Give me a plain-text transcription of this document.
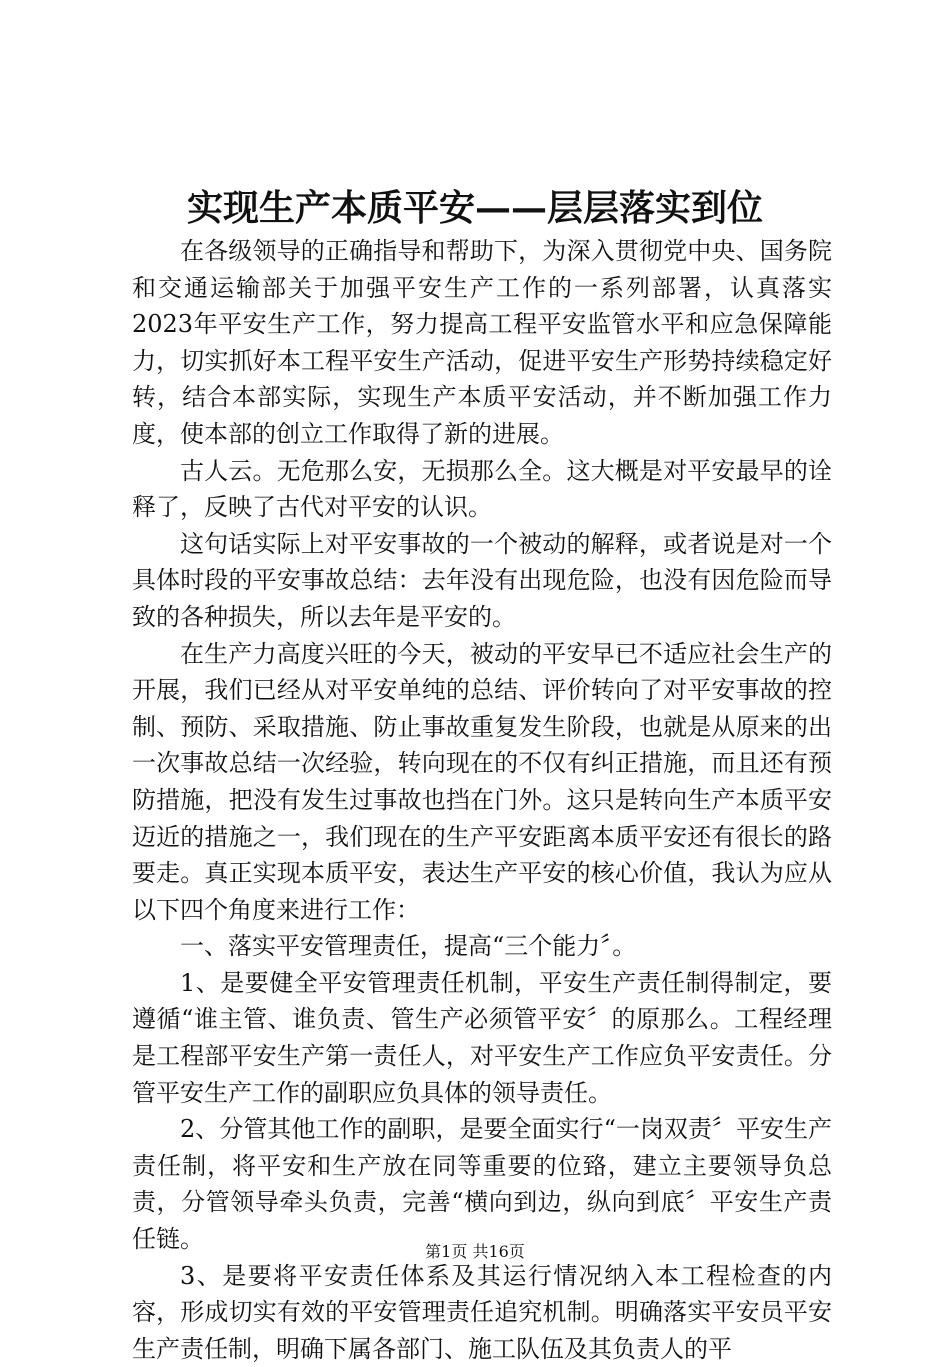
实现生产本质平安——层层落实到位

在各级领导的正确指导和帮助下，为深入贯彻党中央、国务院和交通运输部关于加强平安生产工作的一系列部署，认真落实2023年平安生产工作，努力提高工程平安监管水平和应急保障能力，切实抓好本工程平安生产活动，促进平安生产形势持续稳定好转，结合本部实际，实现生产本质平安活动，并不断加强工作力度，使本部的创立工作取得了新的进展。

古人云。无危那么安，无损那么全。这大概是对平安最早的诠释了，反映了古代对平安的认识。

这句话实际上对平安事故的一个被动的解释，或者说是对一个具体时段的平安事故总结：去年没有出现危险，也没有因危险而导致的各种损失，所以去年是平安的。

在生产力高度兴旺的今天，被动的平安早已不适应社会生产的开展，我们已经从对平安单纯的总结、评价转向了对平安事故的控制、预防、采取措施、防止事故重复发生阶段，也就是从原来的出一次事故总结一次经验，转向现在的不仅有纠正措施，而且还有预防措施，把没有发生过事故也挡在门外。这只是转向生产本质平安迈近的措施之一，我们现在的生产平安距离本质平安还有很长的路要走。真正实现本质平安，表达生产平安的核心价值，我认为应从以下四个角度来进行工作：

一、落实平安管理责任，提高“三个能力〞。

1、是要健全平安管理责任机制，平安生产责任制得制定，要遵循“谁主管、谁负责、管生产必须管平安〞的原那么。工程经理是工程部平安生产第一责任人，对平安生产工作应负平安责任。分管平安生产工作的副职应负具体的领导责任。

2、分管其他工作的副职，是要全面实行“一岗双责〞平安生产责任制，将平安和生产放在同等重要的位臵，建立主要领导负总责，分管领导牵头负责，完善“横向到边，纵向到底〞平安生产责任链。

3、是要将平安责任体系及其运行情况纳入本工程检查的内容，形成切实有效的平安管理责任追究机制。明确落实平安员平安生产责任制，明确下属各部门、施工队伍及其负责人的平

第1页 共16页
